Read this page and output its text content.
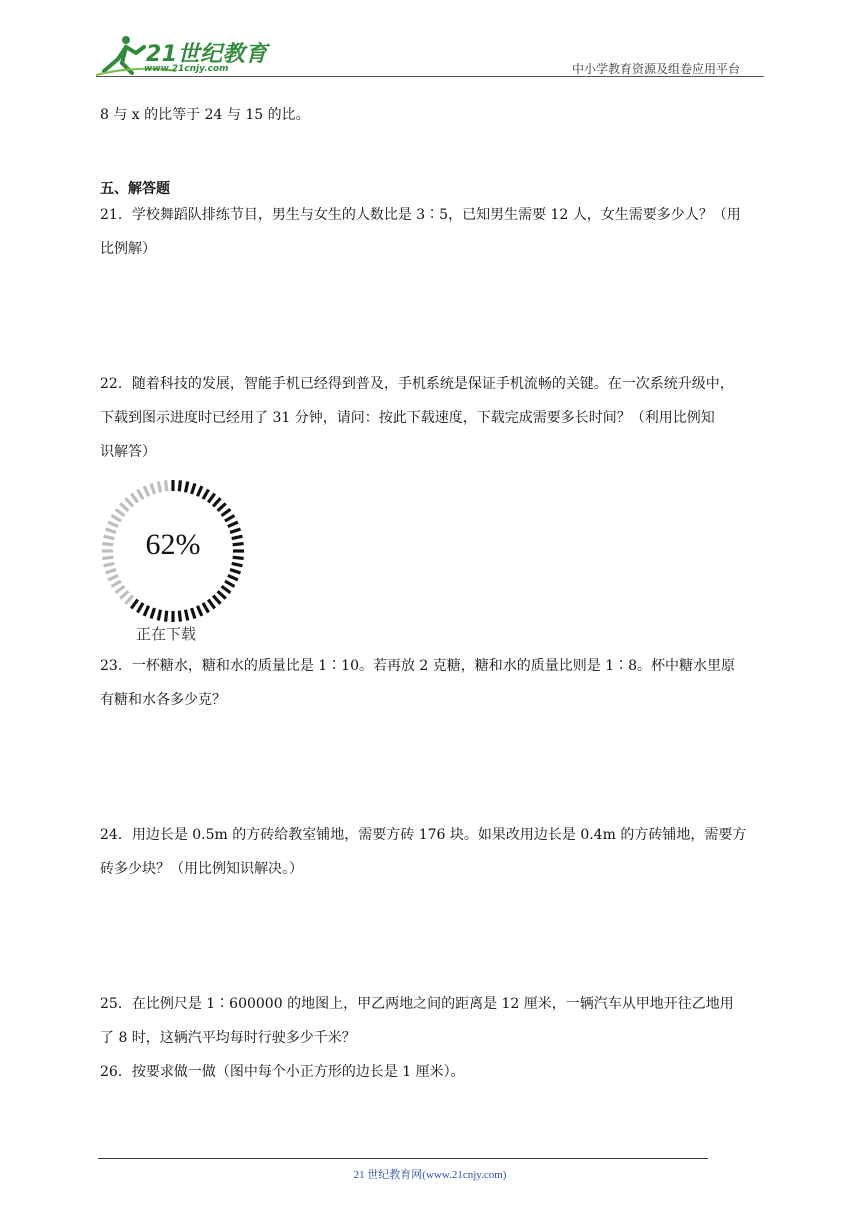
21世纪教育
www.21cnjy.com	中小学教育资源及组卷应用平台
8 与 x 的比等于 24 与 15 的比。
五、解答题
21．学校舞蹈队排练节目，男生与女生的人数比是 3∶5，已知男生需要 12 人，女生需要多少人？（用
比例解）
22．随着科技的发展，智能手机已经得到普及，手机系统是保证手机流畅的关键。在一次系统升级中，
下载到图示进度时已经用了 31 分钟，请问：按此下载速度，下载完成需要多长时间？（利用比例知
识解答）
62%
正在下载
23．一杯糖水，糖和水的质量比是 1∶10。若再放 2 克糖，糖和水的质量比则是 1∶8。杯中糖水里原
有糖和水各多少克？
24．用边长是 0.5m 的方砖给教室铺地，需要方砖 176 块。如果改用边长是 0.4m 的方砖铺地，需要方
砖多少块？（用比例知识解决。）
25．在比例尺是 1∶600000 的地图上，甲乙两地之间的距离是 12 厘米，一辆汽车从甲地开往乙地用
了 8 时，这辆汽平均每时行驶多少千米？
26．按要求做一做（图中每个小正方形的边长是 1 厘米）。
21 世纪教育网(www.21cnjy.com)
